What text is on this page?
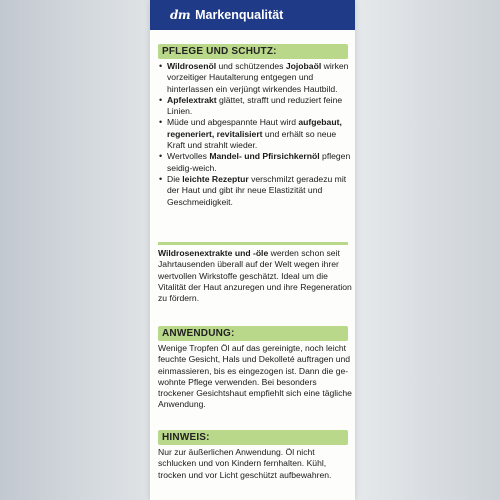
dm Markenqualität
PFLEGE UND SCHUTZ:
• Wildrosenöl und schützendes Jojobaöl wirken vorzeitiger Hautalterung entgegen und hinterlassen ein verjüngt wirkendes Hautbild.
• Apfelextrakt glättet, strafft und reduziert feine Linien.
• Müde und abgespannte Haut wird aufgebaut, regeneriert, revitalisiert und erhält so neue Kraft und strahlt wieder.
• Wertvolles Mandel- und Pfirsichkernöl pflegen seidig-weich.
• Die leichte Rezeptur verschmilzt geradezu mit der Haut und gibt ihr neue Elastizität und Geschmeidigkeit.

Wildrosenextrakte und -öle werden schon seit Jahrtausenden überall auf der Welt wegen ihrer wertvollen Wirkstoffe geschätzt. Ideal um die Vitalität der Haut anzuregen und ihre Regeneration zu fördern.

ANWENDUNG:

Wenige Tropfen Öl auf das gereinigte, noch leicht feuchte Gesicht, Hals und Dekolleté auftragen und einmassieren, bis es eingezogen ist. Dann die gewohnte Pflege verwenden. Bei besonders trockener Gesichtshaut empfiehlt sich eine tägliche Anwendung.

HINWEIS:

Nur zur äußerlichen Anwendung. Öl nicht schlucken und von Kindern fernhalten. Kühl, trocken und vor Licht geschützt aufbewahren.
